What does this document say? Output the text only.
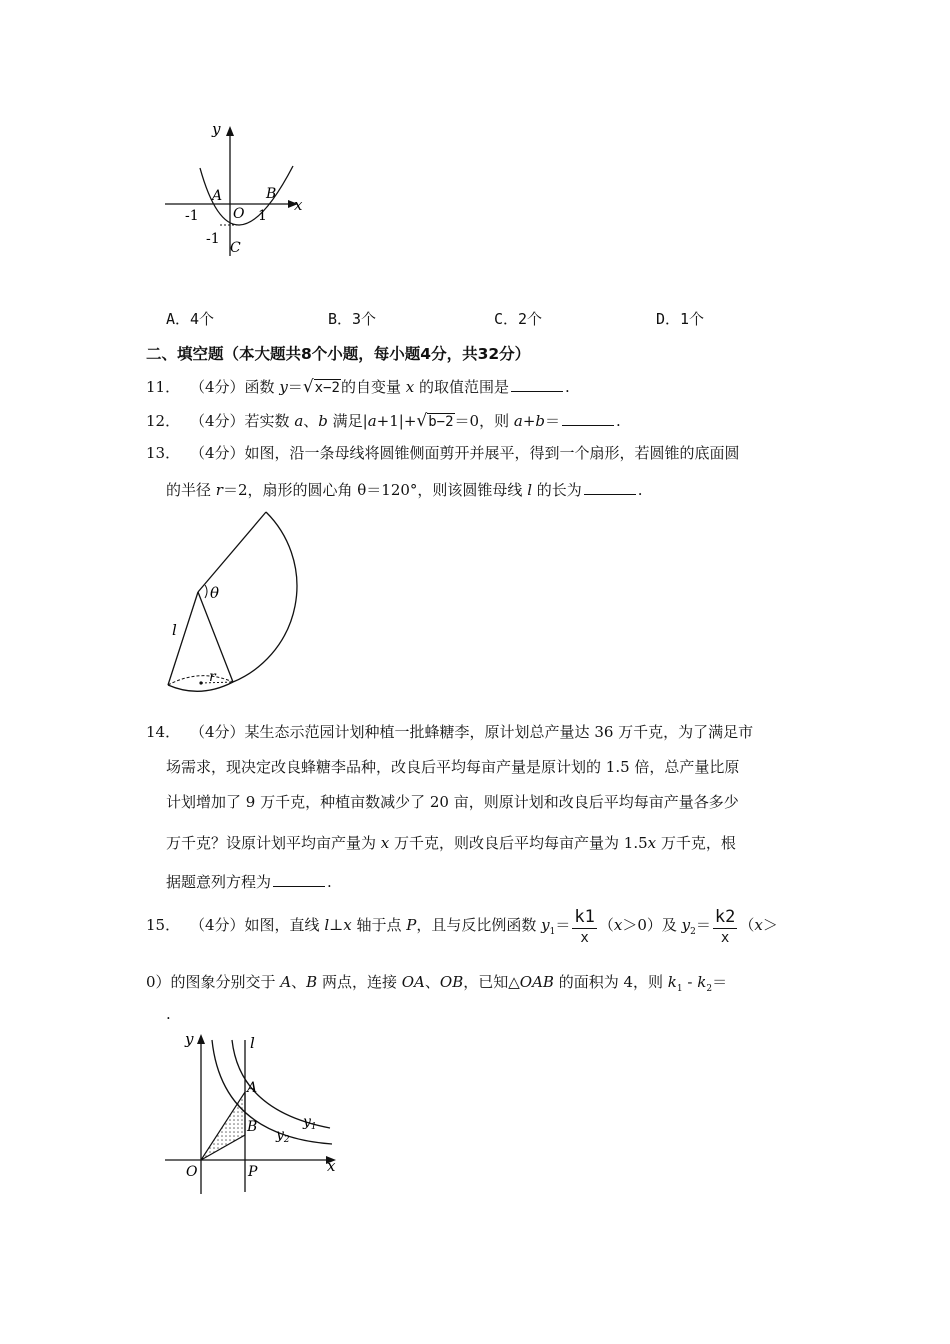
y
x
A	B
O
C
-1	1
-1
A．4个	B．3个	C．2个	D．1个
二、填空题（本大题共8个小题，每小题4分，共32分）
11． （4分）函数 y＝√x−2的自变量 x 的取值范围是	.
12． （4分）若实数 a、b 满足|a+1|+√b−2＝0，则 a+b＝	.
13． （4分）如图，沿一条母线将圆锥侧面剪开并展平，得到一个扇形，若圆锥的底面圆
的半径 r＝2，扇形的圆心角 θ＝120°，则该圆锥母线 l 的长为	.
θ
l
r
14． （4分）某生态示范园计划种植一批蜂糖李，原计划总产量达 36 万千克，为了满足市
场需求，现决定改良蜂糖李品种，改良后平均每亩产量是原计划的 1.5 倍，总产量比原
计划增加了 9 万千克，种植亩数减少了 20 亩，则原计划和改良后平均每亩产量各多少
万千克？设原计划平均亩产量为 x 万千克，则改良后平均每亩产量为 1.5x 万千克，根
据题意列方程为	.
15． （4分）如图，直线 l⊥x 轴于点 P，且与反比例函数 $y_1= \frac{k1}{x} (x>0)$及 $y_2= \frac{k2}{x} (x>$
0）的图象分别交于 A、B 两点，连接 OA、OB，已知△OAB 的面积为 4，则 $k_1 - k_2=$
.
y	l
A
B	$y_1$
$y_2$
O	P	x
